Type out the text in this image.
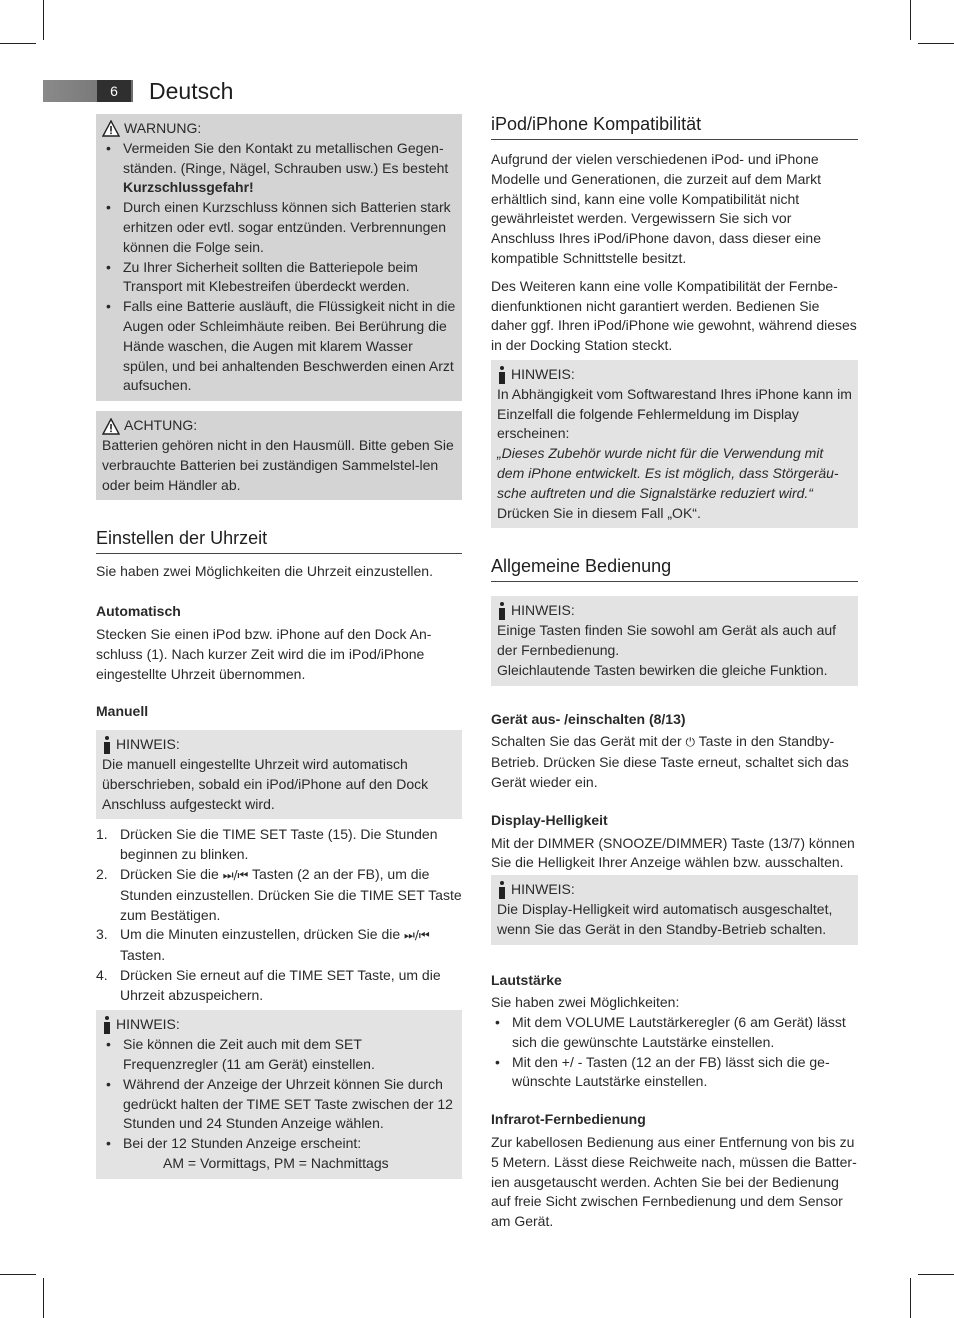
6	Deutsch
WARNUNG:
• Vermeiden Sie den Kontakt zu metallischen Gegen-ständen. (Ringe, Nägel, Schrauben usw.) Es besteht Kurzschlussgefahr!
• Durch einen Kurzschluss können sich Batterien stark erhitzen oder evtl. sogar entzünden. Verbrennungen können die Folge sein.
• Zu Ihrer Sicherheit sollten die Batteriepole beim Transport mit Klebestreifen überdeckt werden.
• Falls eine Batterie ausläuft, die Flüssigkeit nicht in die Augen oder Schleimhäute reiben. Bei Berührung die Hände waschen, die Augen mit klarem Wasser spülen, und bei anhaltenden Beschwerden einen Arzt aufsuchen.
ACHTUNG:

Batterien gehören nicht in den Hausmüll. Bitte geben Sie verbrauchte Batterien bei zuständigen Sammelstel-len oder beim Händler ab.

Einstellen der Uhrzeit

Sie haben zwei Möglichkeiten die Uhrzeit einzustellen.

Automatisch

Stecken Sie einen iPod bzw. iPhone auf den Dock An-schluss (1). Nach kurzer Zeit wird die im iPod/iPhone eingestellte Uhrzeit übernommen.

Manuell

HINWEIS:

Die manuell eingestellte Uhrzeit wird automatisch überschrieben, sobald ein iPod/iPhone auf den Dock Anschluss aufgesteckt wird.

1. Drücken Sie die TIME SET Taste (15). Die Stunden beginnen zu blinken.
2. Drücken Sie die ⏭/⏮ Tasten (2 an der FB), um die Stunden einzustellen. Drücken Sie die TIME SET Taste zum Bestätigen.
3. Um die Minuten einzustellen, drücken Sie die ⏭/⏮ Tasten.
4. Drücken Sie erneut auf die TIME SET Taste, um die Uhrzeit abzuspeichern.
HINWEIS:
• Sie können die Zeit auch mit dem SET Frequenzregler (11 am Gerät) einstellen.
• Während der Anzeige der Uhrzeit können Sie durch gedrückt halten der TIME SET Taste zwischen der 12 Stunden und 24 Stunden Anzeige wählen.
• Bei der 12 Stunden Anzeige erscheint:

AM = Vormittags, PM = Nachmittags

iPod/iPhone Kompatibilität

Aufgrund der vielen verschiedenen iPod- und iPhone Modelle und Generationen, die zurzeit auf dem Markt erhältlich sind, kann eine volle Kompatibilität nicht gewährleistet werden. Vergewissern Sie sich vor Anschluss Ihres iPod/iPhone davon, dass dieser eine kompatible Schnittstelle besitzt.

Des Weiteren kann eine volle Kompatibilität der Fernbe-dienfunktionen nicht garantiert werden. Bedienen Sie daher ggf. Ihren iPod/iPhone wie gewohnt, während dieses in der Docking Station steckt.

HINWEIS:

In Abhängigkeit vom Softwarestand Ihres iPhone kann im Einzelfall die folgende Fehlermeldung im Display erscheinen:

„Dieses Zubehör wurde nicht für die Verwendung mit dem iPhone entwickelt. Es ist möglich, dass Störgeräu-sche auftreten und die Signalstärke reduziert wird.“

Drücken Sie in diesem Fall „OK“.

Allgemeine Bedienung
HINWEIS:

Einige Tasten finden Sie sowohl am Gerät als auch auf der Fernbedienung.

Gleichlautende Tasten bewirken die gleiche Funktion.

Gerät aus- /einschalten (8/13)

Schalten Sie das Gerät mit der ⏻ Taste in den Standby-Betrieb. Drücken Sie diese Taste erneut, schaltet sich das Gerät wieder ein.

Display-Helligkeit

Mit der DIMMER (SNOOZE/DIMMER) Taste (13/7) können Sie die Helligkeit Ihrer Anzeige wählen bzw. ausschalten.

HINWEIS:

Die Display-Helligkeit wird automatisch ausgeschaltet, wenn Sie das Gerät in den Standby-Betrieb schalten.

Lautstärke

Sie haben zwei Möglichkeiten:

• Mit dem VOLUME Lautstärkeregler (6 am Gerät) lässt sich die gewünschte Lautstärke einstellen.
• Mit den +/ - Tasten (12 an der FB) lässt sich die ge-wünschte Lautstärke einstellen.

Infrarot-Fernbedienung

Zur kabellosen Bedienung aus einer Entfernung von bis zu 5 Metern. Lässt diese Reichweite nach, müssen die Batter-ien ausgetauscht werden. Achten Sie bei der Bedienung auf freie Sicht zwischen Fernbedienung und dem Sensor am Gerät.
